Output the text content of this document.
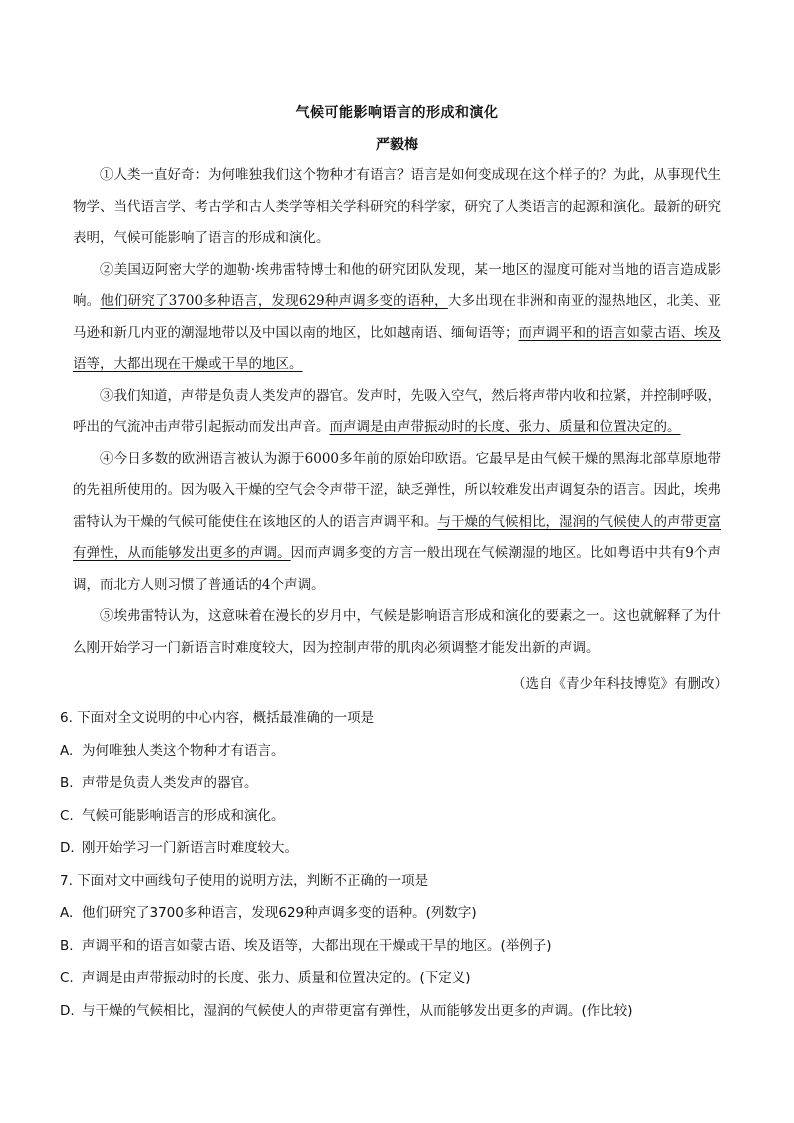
气候可能影响语言的形成和演化
严毅梅

①人类一直好奇：为何唯独我们这个物种才有语言？语言是如何变成现在这个样子的？为此，从事现代生物学、当代语言学、考古学和古人类学等相关学科研究的科学家，研究了人类语言的起源和演化。最新的研究表明，气候可能影响了语言的形成和演化。

②美国迈阿密大学的迦勒·埃弗雷特博士和他的研究团队发现，某一地区的湿度可能对当地的语言造成影响。他们研究了3700多种语言，发现629种声调多变的语种，大多出现在非洲和南亚的湿热地区，北美、亚马逊和新几内亚的潮湿地带以及中国以南的地区，比如越南语、缅甸语等；而声调平和的语言如蒙古语、埃及语等，大都出现在干燥或干旱的地区。

③我们知道，声带是负责人类发声的器官。发声时，先吸入空气，然后将声带内收和拉紧，并控制呼吸，呼出的气流冲击声带引起振动而发出声音。而声调是由声带振动时的长度、张力、质量和位置决定的。

④今日多数的欧洲语言被认为源于6000多年前的原始印欧语。它最早是由气候干燥的黑海北部草原地带的先祖所使用的。因为吸入干燥的空气会令声带干涩，缺乏弹性，所以较难发出声调复杂的语言。因此，埃弗雷特认为干燥的气候可能使住在该地区的人的语言声调平和。与干燥的气候相比，湿润的气候使人的声带更富有弹性，从而能够发出更多的声调。因而声调多变的方言一般出现在气候潮湿的地区。比如粤语中共有9个声调，而北方人则习惯了普通话的4个声调。

⑤埃弗雷特认为，这意味着在漫长的岁月中，气候是影响语言形成和演化的要素之一。这也就解释了为什么刚开始学习一门新语言时难度较大，因为控制声带的肌肉必须调整才能发出新的声调。

（选自《青少年科技博览》有删改）

6. 下面对全文说明的中心内容，概括最准确的一项是

A. 为何唯独人类这个物种才有语言。

B. 声带是负责人类发声的器官。

C. 气候可能影响语言的形成和演化。

D. 刚开始学习一门新语言时难度较大。

7. 下面对文中画线句子使用的说明方法，判断不正确的一项是

A. 他们研究了3700多种语言，发现629种声调多变的语种。(列数字)

B. 声调平和的语言如蒙古语、埃及语等，大都出现在干燥或干旱的地区。(举例子)

C. 声调是由声带振动时的长度、张力、质量和位置决定的。(下定义)

D. 与干燥的气候相比，湿润的气候使人的声带更富有弹性，从而能够发出更多的声调。(作比较)
